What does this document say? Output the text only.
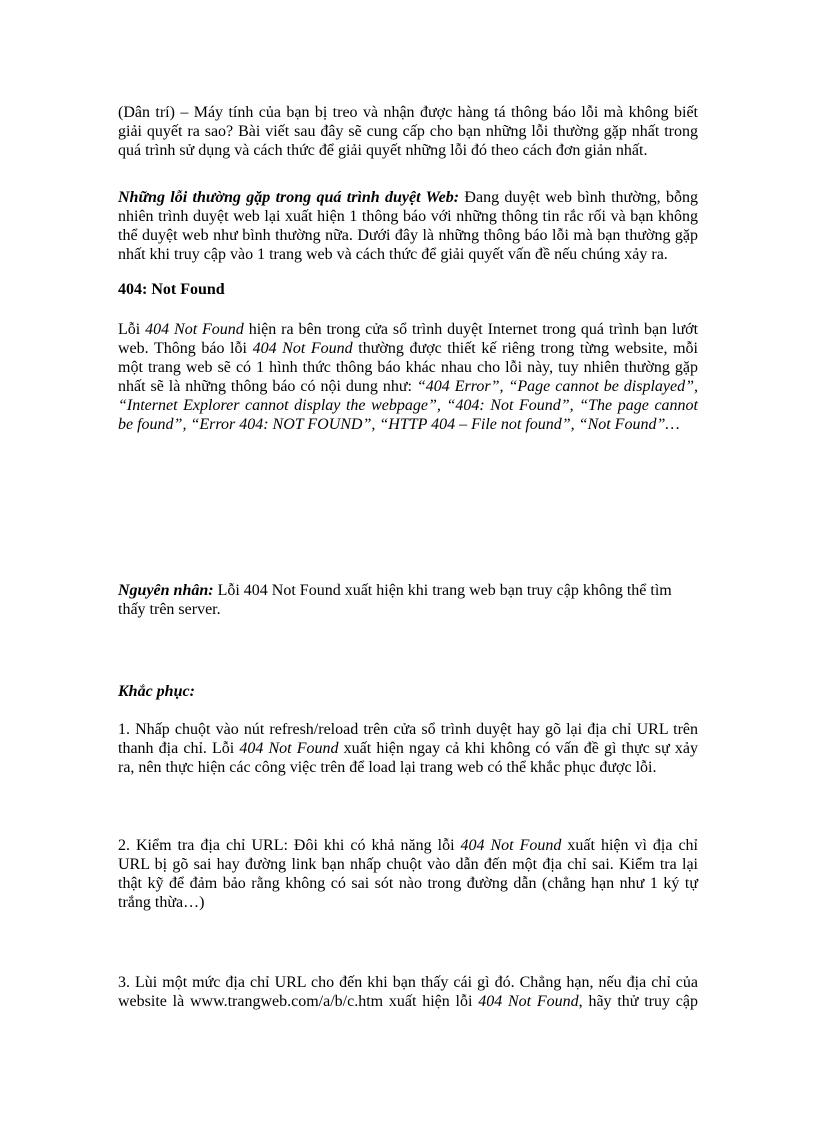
(Dân trí) – Máy tính của bạn bị treo và nhận được hàng tá thông báo lỗi mà không biết
giải quyết ra sao? Bài viết sau đây sẽ cung cấp cho bạn những lỗi thường gặp nhất trong
quá trình sử dụng và cách thức để giải quyết những lỗi đó theo cách đơn giản nhất.

Những lỗi thường gặp trong quá trình duyệt Web: Đang duyệt web bình thường, bỗng
nhiên trình duyệt web lại xuất hiện 1 thông báo với những thông tin rắc rối và bạn không
thể duyệt web như bình thường nữa. Dưới đây là những thông báo lỗi mà bạn thường gặp
nhất khi truy cập vào 1 trang web và cách thức để giải quyết vấn đề nếu chúng xảy ra.

404: Not Found

Lỗi 404 Not Found hiện ra bên trong cửa sổ trình duyệt Internet trong quá trình bạn lướt
web. Thông báo lỗi 404 Not Found thường được thiết kế riêng trong từng website, mỗi
một trang web sẽ có 1 hình thức thông báo khác nhau cho lỗi này, tuy nhiên thường gặp
nhất sẽ là những thông báo có nội dung như: “404 Error”, “Page cannot be displayed”,
“Internet Explorer cannot display the webpage”, “404: Not Found”, “The page cannot
be found”, “Error 404: NOT FOUND”, “HTTP 404 – File not found”, “Not Found”…

Nguyên nhân: Lỗi 404 Not Found xuất hiện khi trang web bạn truy cập không thể tìm
thấy trên server.

Khắc phục:

1. Nhấp chuột vào nút refresh/reload trên cửa sổ trình duyệt hay gõ lại địa chỉ URL trên
thanh địa chỉ. Lỗi 404 Not Found xuất hiện ngay cả khi không có vấn đề gì thực sự xảy
ra, nên thực hiện các công việc trên để load lại trang web có thể khắc phục được lỗi.

2. Kiểm tra địa chỉ URL: Đôi khi có khả năng lỗi 404 Not Found xuất hiện vì địa chỉ
URL bị gõ sai hay đường link bạn nhấp chuột vào dẫn đến một địa chỉ sai. Kiểm tra lại
thật kỹ để đảm bảo rằng không có sai sót nào trong đường dẫn (chẳng hạn như 1 ký tự
trắng thừa…)

3. Lùi một mức địa chỉ URL cho đến khi bạn thấy cái gì đó. Chẳng hạn, nếu địa chỉ của
website là www.trangweb.com/a/b/c.htm xuất hiện lỗi 404 Not Found, hãy thử truy cập
